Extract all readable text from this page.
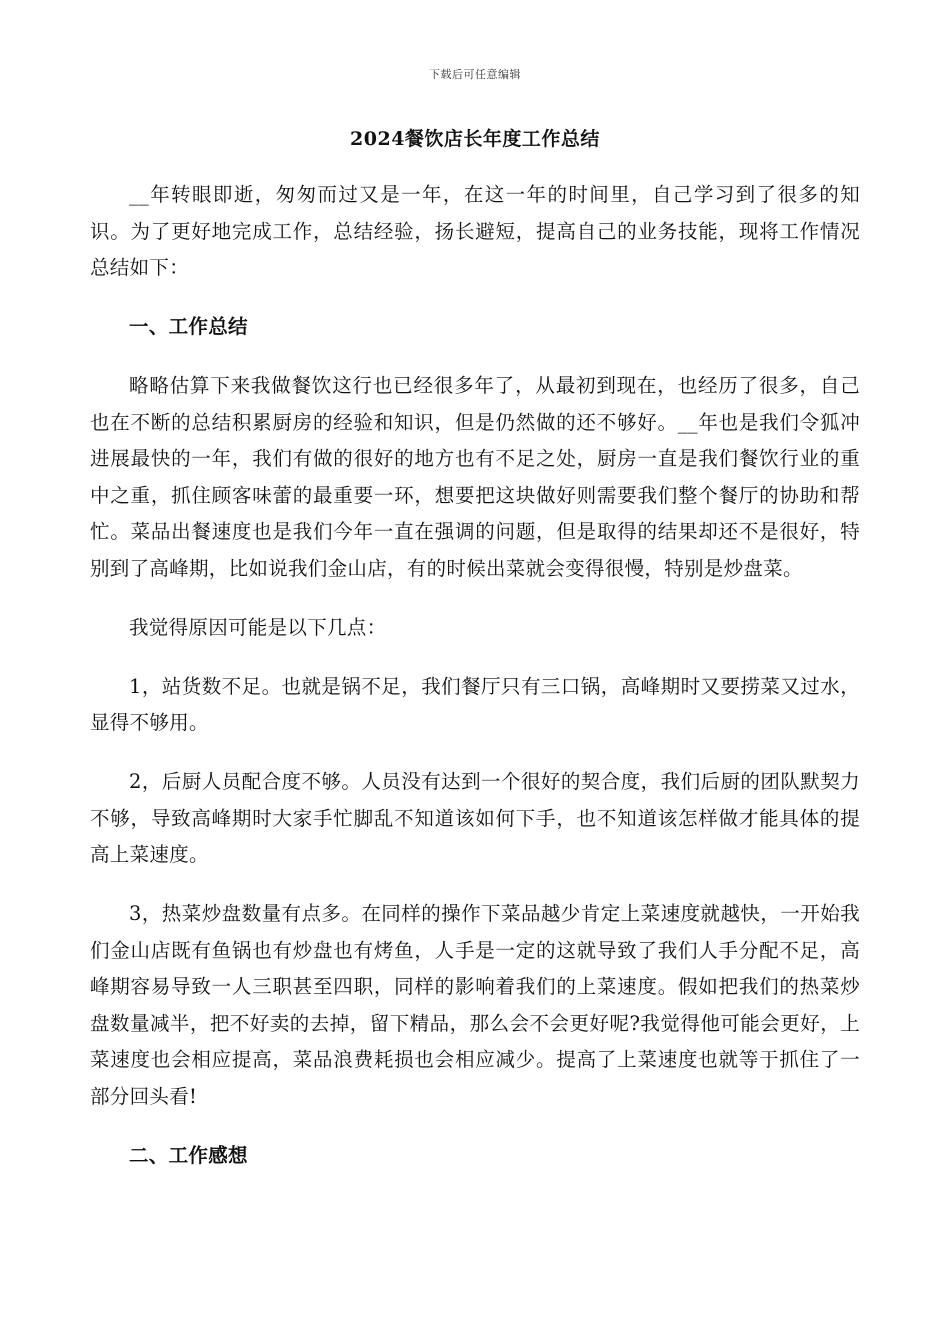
下载后可任意编辑
2024餐饮店长年度工作总结

__年转眼即逝，匆匆而过又是一年，在这一年的时间里，自己学习到了很多的知识。为了更好地完成工作，总结经验，扬长避短，提高自己的业务技能，现将工作情况总结如下：

一、工作总结

略略估算下来我做餐饮这行也已经很多年了，从最初到现在，也经历了很多，自己也在不断的总结积累厨房的经验和知识，但是仍然做的还不够好。__年也是我们令狐冲进展最快的一年，我们有做的很好的地方也有不足之处，厨房一直是我们餐饮行业的重中之重，抓住顾客味蕾的最重要一环，想要把这块做好则需要我们整个餐厅的协助和帮忙。菜品出餐速度也是我们今年一直在强调的问题，但是取得的结果却还不是很好，特别到了高峰期，比如说我们金山店，有的时候出菜就会变得很慢，特别是炒盘菜。

我觉得原因可能是以下几点：

1，站货数不足。也就是锅不足，我们餐厅只有三口锅，高峰期时又要捞菜又过水，显得不够用。

2，后厨人员配合度不够。人员没有达到一个很好的契合度，我们后厨的团队默契力不够，导致高峰期时大家手忙脚乱不知道该如何下手，也不知道该怎样做才能具体的提高上菜速度。

3，热菜炒盘数量有点多。在同样的操作下菜品越少肯定上菜速度就越快，一开始我们金山店既有鱼锅也有炒盘也有烤鱼，人手是一定的这就导致了我们人手分配不足，高峰期容易导致一人三职甚至四职，同样的影响着我们的上菜速度。假如把我们的热菜炒盘数量减半，把不好卖的去掉，留下精品，那么会不会更好呢?我觉得他可能会更好，上菜速度也会相应提高，菜品浪费耗损也会相应减少。提高了上菜速度也就等于抓住了一部分回头看!

二、工作感想
